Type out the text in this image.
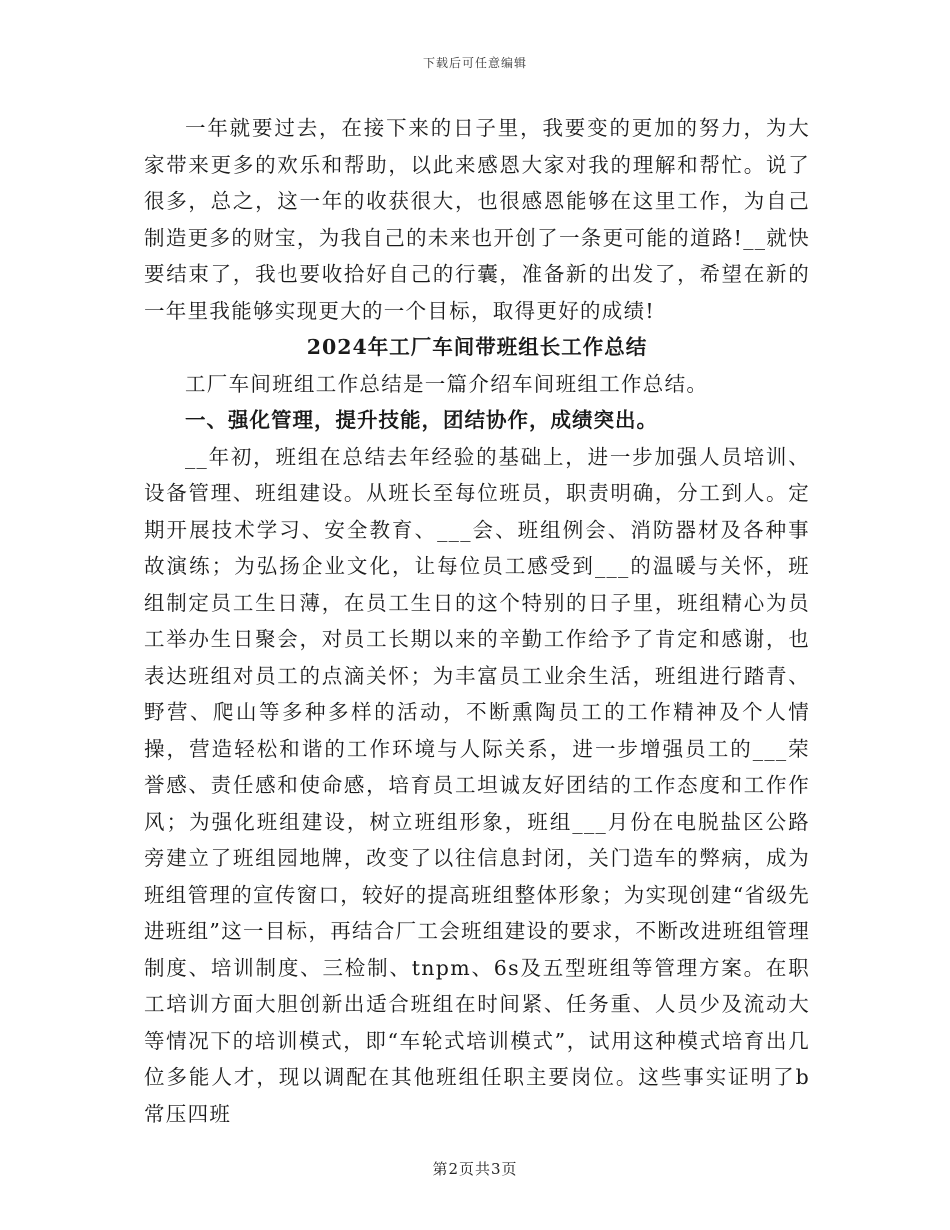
下载后可任意编辑

一年就要过去，在接下来的日子里，我要变的更加的努力，为大家带来更多的欢乐和帮助，以此来感恩大家对我的理解和帮忙。说了很多，总之，这一年的收获很大，也很感恩能够在这里工作，为自己制造更多的财宝，为我自己的未来也开创了一条更可能的道路!__就快要结束了，我也要收拾好自己的行囊，准备新的出发了，希望在新的一年里我能够实现更大的一个目标，取得更好的成绩!

2024年工厂车间带班组长工作总结

工厂车间班组工作总结是一篇介绍车间班组工作总结。

一、强化管理，提升技能，团结协作，成绩突出。

__年初，班组在总结去年经验的基础上，进一步加强人员培训、设备管理、班组建设。从班长至每位班员，职责明确，分工到人。定期开展技术学习、安全教育、___会、班组例会、消防器材及各种事故演练；为弘扬企业文化，让每位员工感受到___的温暖与关怀，班组制定员工生日薄，在员工生日的这个特别的日子里，班组精心为员工举办生日聚会，对员工长期以来的辛勤工作给予了肯定和感谢，也表达班组对员工的点滴关怀；为丰富员工业余生活，班组进行踏青、野营、爬山等多种多样的活动，不断熏陶员工的工作精神及个人情操，营造轻松和谐的工作环境与人际关系，进一步增强员工的___荣誉感、责任感和使命感，培育员工坦诚友好团结的工作态度和工作作风；为强化班组建设，树立班组形象，班组___月份在电脱盐区公路旁建立了班组园地牌，改变了以往信息封闭，关门造车的弊病，成为班组管理的宣传窗口，较好的提高班组整体形象；为实现创建“省级先进班组”这一目标，再结合厂工会班组建设的要求，不断改进班组管理制度、培训制度、三检制、tnpm、6s及五型班组等管理方案。在职工培训方面大胆创新出适合班组在时间紧、任务重、人员少及流动大等情况下的培训模式，即“车轮式培训模式”，试用这种模式培育出几位多能人才，现以调配在其他班组任职主要岗位。这些事实证明了b常压四班

第2页共3页
